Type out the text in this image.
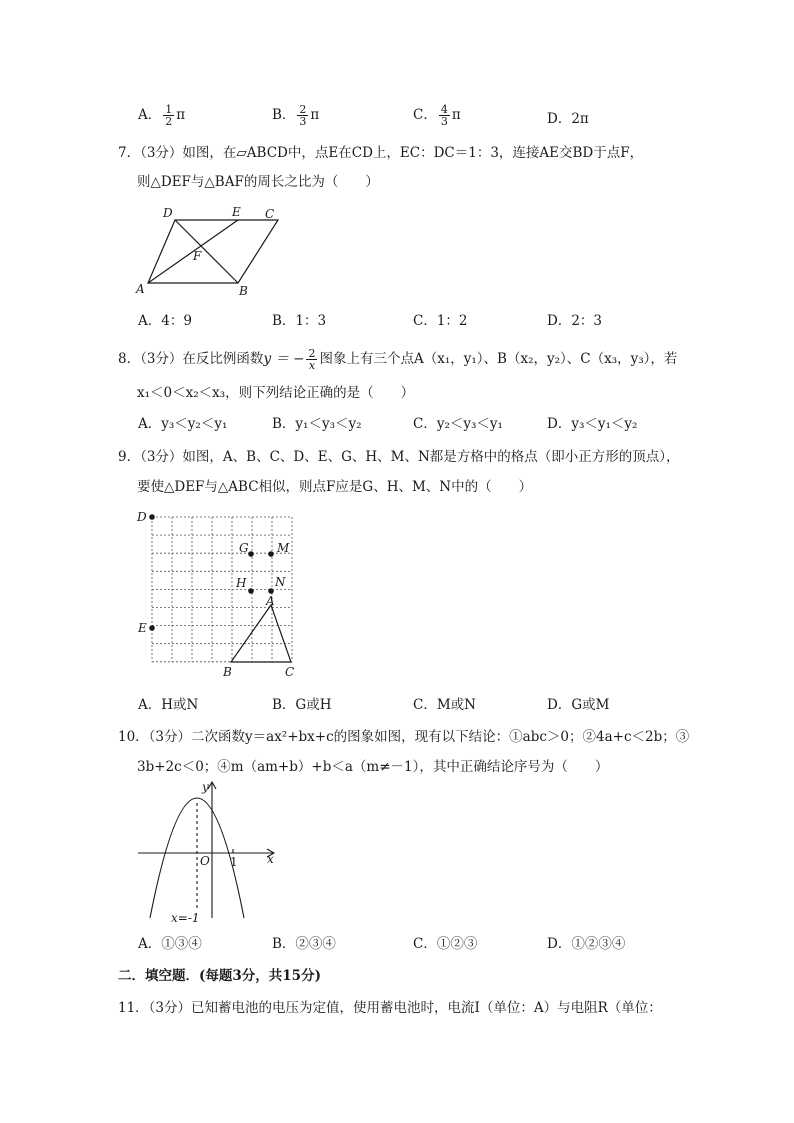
A． $\frac{1}{2}$ π	B． $\frac{2}{3}$ π	C． $\frac{4}{3}$ π	D．2π
7．（3分）如图，在▱ABCD中，点E在CD上，EC：DC＝1：3，连接AE交BD于点F，
则△DEF与△BAF的周长之比为（　　）
D	E C
F
A	B
A．4：9	B．1：3	C．1：2	D．2：3
8．（3分）在反比例函数y ＝ − $\frac{2}{x}$ 图象上有三个点A（x₁，y₁）、B（x₂，y₂）、C（x₃，y₃），若
x₁＜0＜x₂＜x₃，则下列结论正确的是（　　）
A．y₃＜y₂＜y₁	B．y₁＜y₃＜y₂	C．y₂＜y₃＜y₁	D．y₃＜y₁＜y₂
9．（3分）如图，A、B、C、D、E、G、H、M、N都是方格中的格点（即小正方形的顶点），
要使△DEF与△ABC相似，则点F应是G、H、M、N中的（　　）
D
E
G M
H N
A
B	C
A．H或N	B．G或H	C．M或N	D．G或M
10．（3分）二次函数y＝ax²+bx+c的图象如图，现有以下结论：①abc＞0；②4a+c＜2b；③
3b+2c＜0；④m（am+b）+b＜a（m≠－1），其中正确结论序号为（　　）
y
x
O 1
x=-1
A．①③④	B．②③④	C．①②③	D．①②③④
二．填空题．(每题3分，共15分)
11．（3分）已知蓄电池的电压为定值，使用蓄电池时，电流I（单位：A）与电阻R（单位：
